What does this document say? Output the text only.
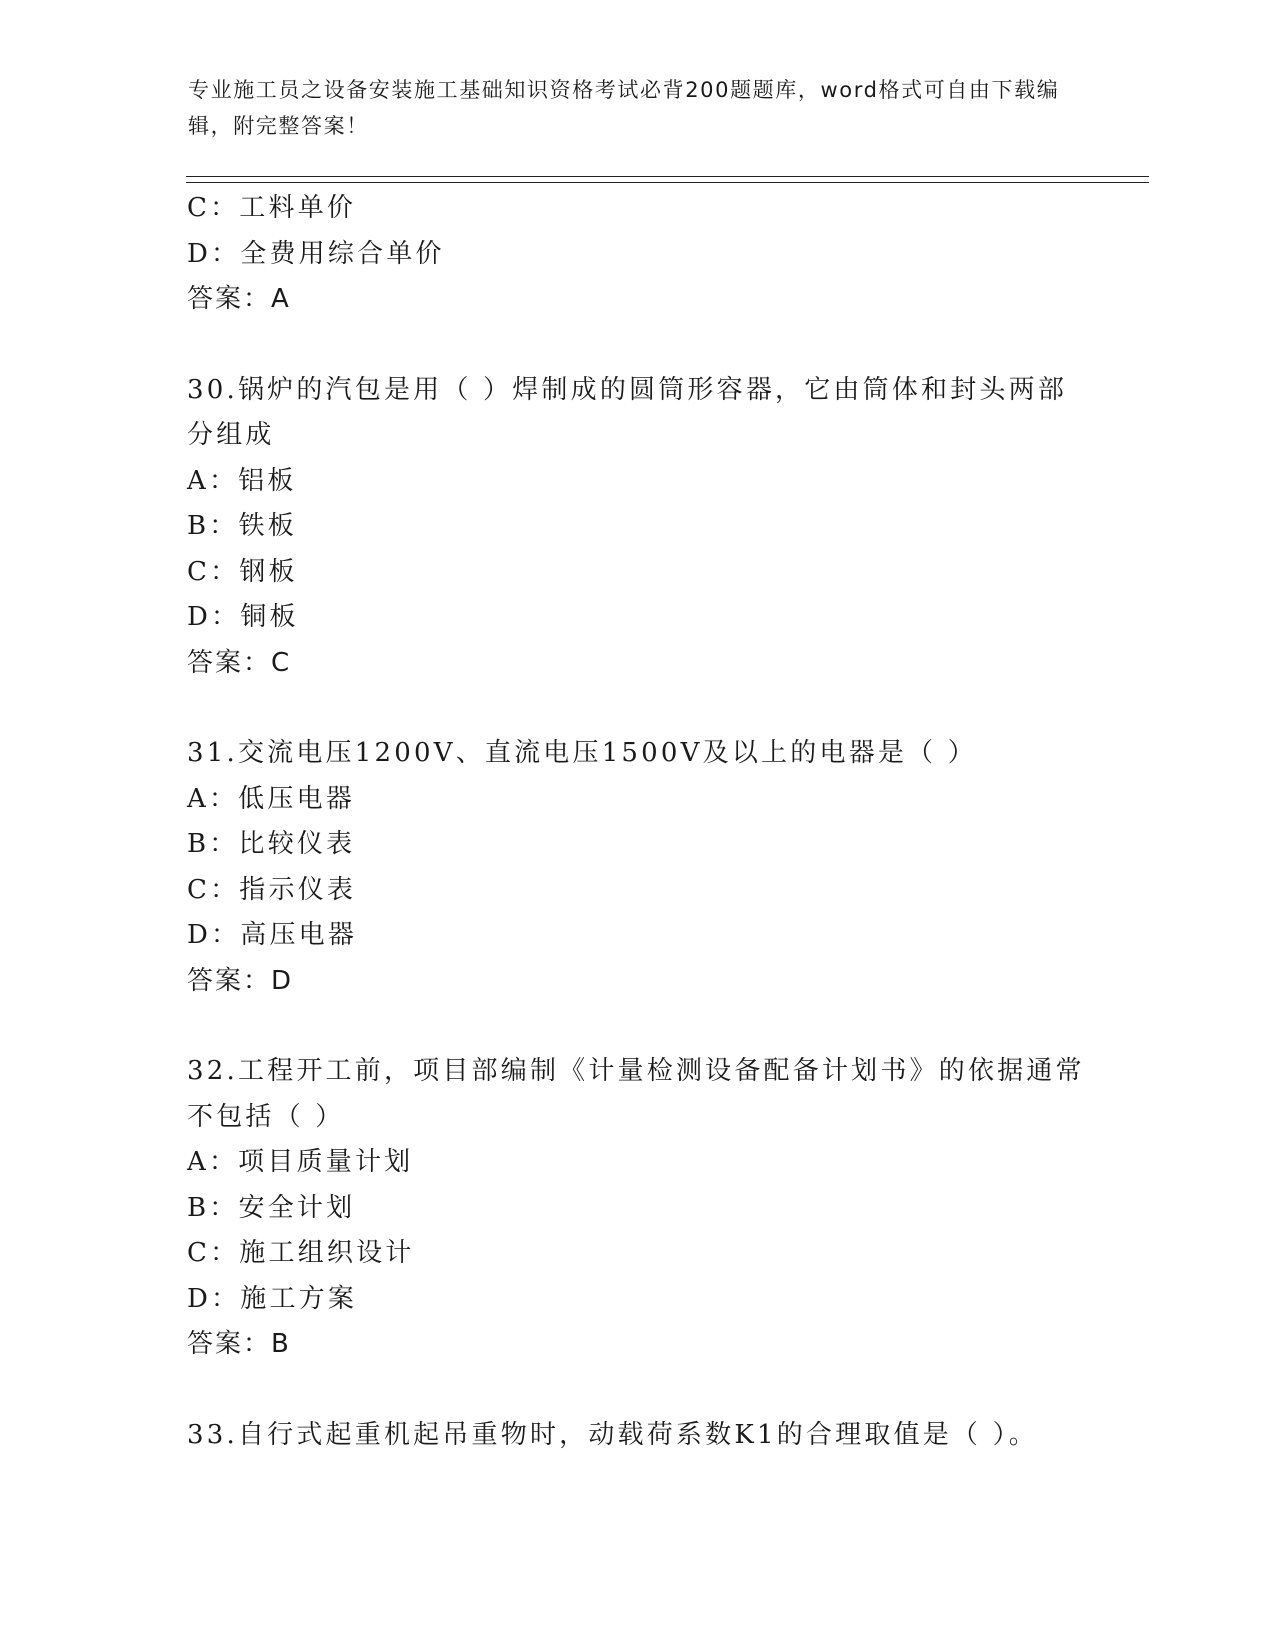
专业施工员之设备安装施工基础知识资格考试必背200题题库，word格式可自由下载编辑，附完整答案！
C：工料单价
D：全费用综合单价
答案：A
30.锅炉的汽包是用（ ）焊制成的圆筒形容器，它由筒体和封头两部
分组成
A：铝板
B：铁板
C：钢板
D：铜板
答案：C
31.交流电压1200V、直流电压1500V及以上的电器是（ ）
A：低压电器
B：比较仪表
C：指示仪表
D：高压电器
答案：D
32.工程开工前，项目部编制《计量检测设备配备计划书》的依据通常
不包括（ ）
A：项目质量计划
B：安全计划
C：施工组织设计
D：施工方案
答案：B
33.自行式起重机起吊重物时，动载荷系数K1的合理取值是（ ）。
